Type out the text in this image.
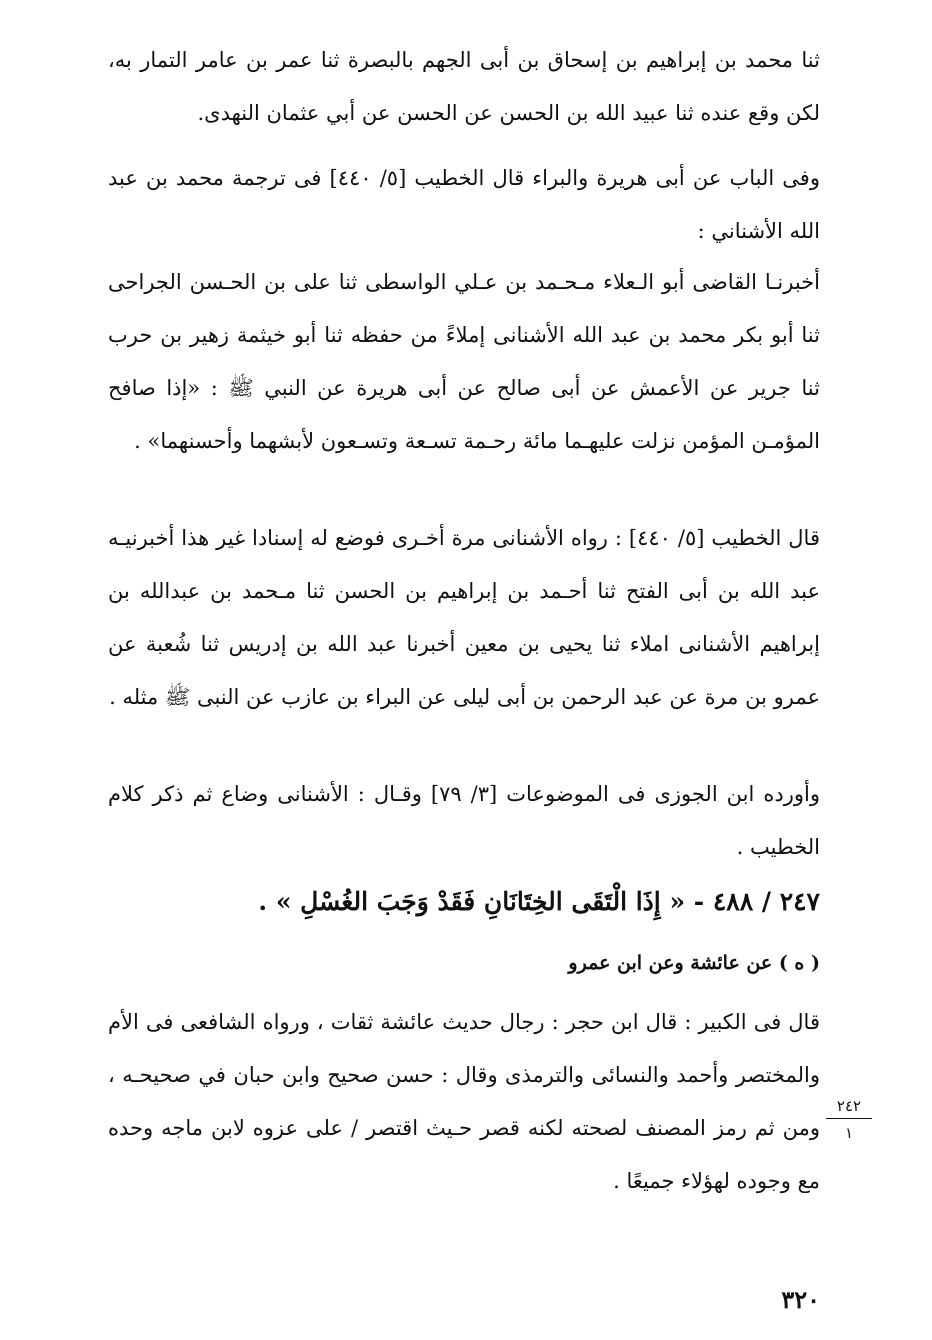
ثنا محمد بن إبراهيم بن إسحاق بن أبى الجهم بالبصرة ثنا عمر بن عامر التمار به، لكن وقع عنده ثنا عبيد الله بن الحسن عن الحسن عن أبي عثمان النهدى.

وفى الباب عن أبى هريرة والبراء قال الخطيب [٥/ ٤٤٠] فى ترجمة محمد بن عبد الله الأشناني :

أخبرنـا القاضى أبو الـعلاء مـحـمد بن عـلي الواسطى ثنا على بن الحـسن الجراحى ثنا أبو بكر محمد بن عبد الله الأشنانى إملاءً من حفظه ثنا أبو خيثمة زهير بن حرب ثنا جرير عن الأعمش عن أبى صالح عن أبى هريرة عن النبي ﷺ : «إذا صافح المؤمـن المؤمن نزلت عليهـما مائة رحـمة تسـعة وتسـعون لأبشهما وأحسنهما» .

قال الخطيب [٥/ ٤٤٠] : رواه الأشنانى مرة أخـرى فوضع له إسنادا غير هذا أخبرنيـه عبد الله بن أبى الفتح ثنا أحـمد بن إبراهيم بن الحسن ثنا مـحمد بن عبدالله بن إبراهيم الأشنانى املاء ثنا يحيى بن معين أخبرنا عبد الله بن إدريس ثنا شُعبة عن عمرو بن مرة عن عبد الرحمن بن أبى ليلى عن البراء بن عازب عن النبى ﷺ مثله .

وأورده ابن الجوزى فى الموضوعات [٣/ ٧٩] وقـال : الأشنانى وضاع ثم ذكر كلام الخطيب .

٢٤٧ / ٤٨٨ - « إِذَا الْتَقَى الخِتَانَانِ فَقَدْ وَجَبَ الغُسْلِ » .
( ه ) عن عائشة وعن ابن عمرو

قال فى الكبير : قال ابن حجر : رجال حديث عائشة ثقات ، ورواه الشافعى فى الأم والمختصر وأحمد والنسائى والترمذى وقال : حسن صحيح وابن حبان في صحيحـه ، ومن ثم رمز المصنف لصحته لكنه قصر حـيث اقتصر / على عزوه لابن ماجه وحده مع وجوده لهؤلاء جميعًا .

٢٤٢
١
٣٢٠
